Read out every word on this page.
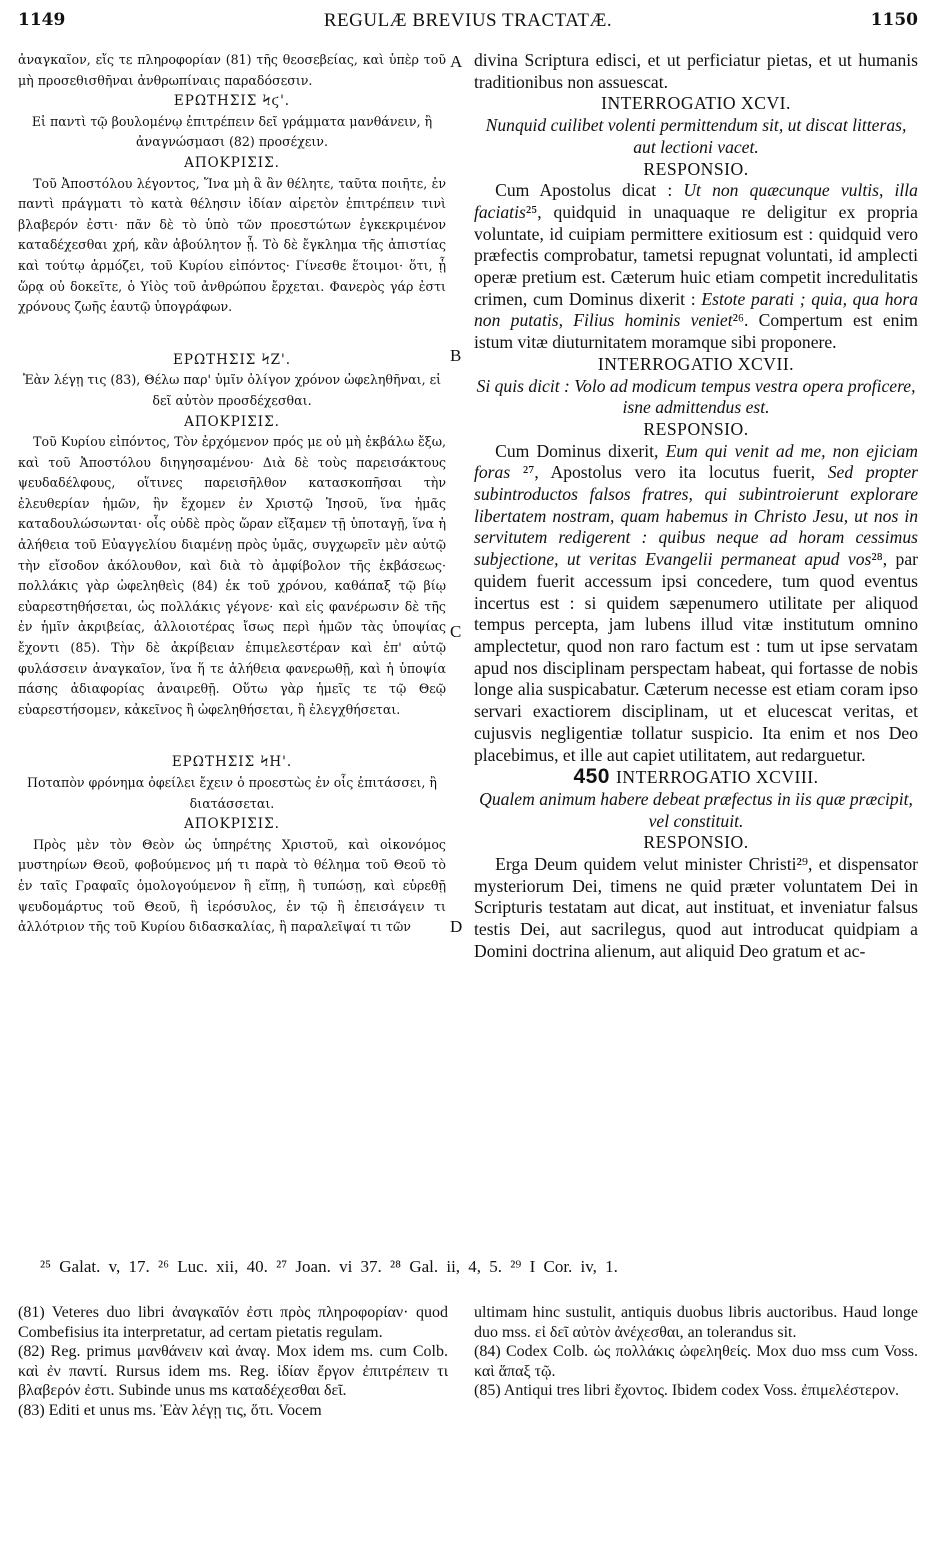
1149	REGULÆ BREVIUS TRACTATÆ.	1150

ἀναγκαῖον, εἴς τε πληροφορίαν (81) τῆς θεοσεβείας, καὶ ὑπὲρ τοῦ μὴ προσεθισθῆναι ἀνθρωπίναις παραδόσεσιν.

ΕΡΩΤΗΣΙΣ Ϟϛ'.

Εἰ παντὶ τῷ βουλομένῳ ἐπιτρέπειν δεῖ γράμματα μανθάνειν, ἢ ἀναγνώσμασι (82) προσέχειν.

ΑΠΟΚΡΙΣΙΣ.

Τοῦ Ἀποστόλου λέγοντος, Ἵνα μὴ ἃ ἂν θέλητε, ταῦτα ποιῆτε, ἐν παντὶ πράγματι τὸ κατὰ θέλησιν ἰδίαν αἱρετὸν ἐπιτρέπειν τινὶ βλαβερόν ἐστι· πᾶν δὲ τὸ ὑπὸ τῶν προεστώτων ἐγκεκριμένον καταδέχεσθαι χρή, κἂν ἀβούλητον ᾖ. Τὸ δὲ ἔγκλημα τῆς ἀπιστίας καὶ τούτῳ ἁρμόζει, τοῦ Κυρίου εἰπόντος· Γίνεσθε ἕτοιμοι· ὅτι, ᾗ ὥρᾳ οὐ δοκεῖτε, ὁ Υἱὸς τοῦ ἀνθρώπου ἔρχεται. Φανερὸς γάρ ἐστι χρόνους ζωῆς ἑαυτῷ ὑπογράφων.

ΕΡΩΤΗΣΙΣ ϞΖ'.

Ἐὰν λέγῃ τις (83), Θέλω παρ' ὑμῖν ὀλίγον χρόνον ὠφεληθῆναι, εἰ δεῖ αὐτὸν προσδέχεσθαι.

ΑΠΟΚΡΙΣΙΣ.

Τοῦ Κυρίου εἰπόντος, Τὸν ἐρχόμενον πρός με οὐ μὴ ἐκβάλω ἔξω, καὶ τοῦ Ἀποστόλου διηγησαμένου· Διὰ δὲ τοὺς παρεισάκτους ψευδαδέλφους, οἵτινες παρεισῆλθον κατασκοπῆσαι τὴν ἐλευθερίαν ἡμῶν, ἣν ἔχομεν ἐν Χριστῷ Ἰησοῦ, ἵνα ἡμᾶς καταδουλώσωνται· οἷς οὐδὲ πρὸς ὥραν εἴξαμεν τῇ ὑποταγῇ, ἵνα ἡ ἀλήθεια τοῦ Εὐαγγελίου διαμένῃ πρὸς ὑμᾶς, συγχωρεῖν μὲν αὐτῷ τὴν εἴσοδον ἀκόλουθον, καὶ διὰ τὸ ἀμφίβολον τῆς ἐκβάσεως· πολλάκις γὰρ ὠφεληθεὶς (84) ἐκ τοῦ χρόνου, καθάπαξ τῷ βίῳ εὐαρεστηθήσεται, ὡς πολλάκις γέγονε· καὶ εἰς φανέρωσιν δὲ τῆς ἐν ἡμῖν ἀκριβείας, ἀλλοιοτέρας ἴσως περὶ ἡμῶν τὰς ὑποψίας ἔχοντι (85). Τὴν δὲ ἀκρίβειαν ἐπιμελεστέραν καὶ ἐπ' αὐτῷ φυλάσσειν ἀναγκαῖον, ἵνα ἥ τε ἀλήθεια φανερωθῇ, καὶ ἡ ὑποψία πάσης ἀδιαφορίας ἀναιρεθῇ. Οὕτω γὰρ ἡμεῖς τε τῷ Θεῷ εὐαρεστήσομεν, κἀκεῖνος ἢ ὠφεληθήσεται, ἢ ἐλεγχθήσεται.

ΕΡΩΤΗΣΙΣ ϞΗ'.

Ποταπὸν φρόνημα ὀφείλει ἔχειν ὁ προεστὼς ἐν οἷς ἐπιτάσσει, ἢ διατάσσεται.

ΑΠΟΚΡΙΣΙΣ.

Πρὸς μὲν τὸν Θεὸν ὡς ὑπηρέτης Χριστοῦ, καὶ οἰκονόμος μυστηρίων Θεοῦ, φοβούμενος μή τι παρὰ τὸ θέλημα τοῦ Θεοῦ τὸ ἐν ταῖς Γραφαῖς ὁμολογούμενον ἢ εἴπῃ, ἢ τυπώσῃ, καὶ εὑρεθῇ ψευδομάρτυς τοῦ Θεοῦ, ἢ ἱερόσυλος, ἐν τῷ ἢ ἐπεισάγειν τι ἀλλότριον τῆς τοῦ Κυρίου διδασκαλίας, ἢ παραλεῖψαί τι τῶν

A
B
C
D

divina Scriptura edisci, et ut perficiatur pietas, et ut humanis traditionibus non assuescat.

INTERROGATIO XCVI.

Nunquid cuilibet volenti permittendum sit, ut discat litteras, aut lectioni vacet.

RESPONSIO.

Cum Apostolus dicat : Ut non quæcunque vultis, illa faciatis²⁵, quidquid in unaquaque re deligitur ex propria voluntate, id cuipiam permittere exitiosum est : quidquid vero præfectis comprobatur, tametsi repugnat voluntati, id amplecti operæ pretium est. Cæterum huic etiam competit incredulitatis crimen, cum Dominus dixerit : Estote parati ; quia, qua hora non putatis, Filius hominis veniet²⁶. Compertum est enim istum vitæ diuturnitatem moramque sibi proponere.

INTERROGATIO XCVII.

Si quis dicit : Volo ad modicum tempus vestra opera proficere, isne admittendus est.

RESPONSIO.

Cum Dominus dixerit, Eum qui venit ad me, non ejiciam foras ²⁷, Apostolus vero ita locutus fuerit, Sed propter subintroductos falsos fratres, qui subintroierunt explorare libertatem nostram, quam habemus in Christo Jesu, ut nos in servitutem redigerent : quibus neque ad horam cessimus subjectione, ut veritas Evangelii permaneat apud vos²⁸, par quidem fuerit accessum ipsi concedere, tum quod eventus incertus est : si quidem sæpenumero utilitate per aliquod tempus percepta, jam lubens illud vitæ institutum omnino amplectetur, quod non raro factum est : tum ut ipse servatam apud nos disciplinam perspectam habeat, qui fortasse de nobis longe alia suspicabatur. Cæterum necesse est etiam coram ipso servari exactiorem disciplinam, ut et elucescat veritas, et cujusvis negligentiæ tollatur suspicio. Ita enim et nos Deo placebimus, et ille aut capiet utilitatem, aut redarguetur.

450 INTERROGATIO XCVIII.

Qualem animum habere debeat præfectus in iis quæ præcipit, vel constituit.

RESPONSIO.

Erga Deum quidem velut minister Christi²⁹, et dispensator mysteriorum Dei, timens ne quid præter voluntatem Dei in Scripturis testatam aut dicat, aut instituat, et inveniatur falsus testis Dei, aut sacrilegus, quod aut introducat quidpiam a Domini doctrina alienum, aut aliquid Deo gratum et ac-

²⁵ Galat. v, 17. ²⁶ Luc. xii, 40. ²⁷ Joan. vi 37. ²⁸ Gal. ii, 4, 5. ²⁹ I Cor. iv, 1.

(81) Veteres duo libri ἀναγκαῖόν ἐστι πρὸς πληροφορίαν· quod Combefisius ita interpretatur, ad certam pietatis regulam.

(82) Reg. primus μανθάνειν καὶ ἀναγ. Mox idem ms. cum Colb. καὶ ἐν παντί. Rursus idem ms. Reg. ἰδίαν ἔργον ἐπιτρέπειν τι βλαβερόν ἐστι. Subinde unus ms καταδέχεσθαι δεῖ.

(83) Editi et unus ms. Ἐὰν λέγῃ τις, ὅτι. Vocem

ultimam hinc sustulit, antiquis duobus libris auctoribus. Haud longe duo mss. εἰ δεῖ αὐτὸν ἀνέχεσθαι, an tolerandus sit.

(84) Codex Colb. ὡς πολλάκις ὠφεληθείς. Mox duo mss cum Voss. καὶ ἅπαξ τῷ.

(85) Antiqui tres libri ἔχοντος. Ibidem codex Voss. ἐπιμελέστερον.
